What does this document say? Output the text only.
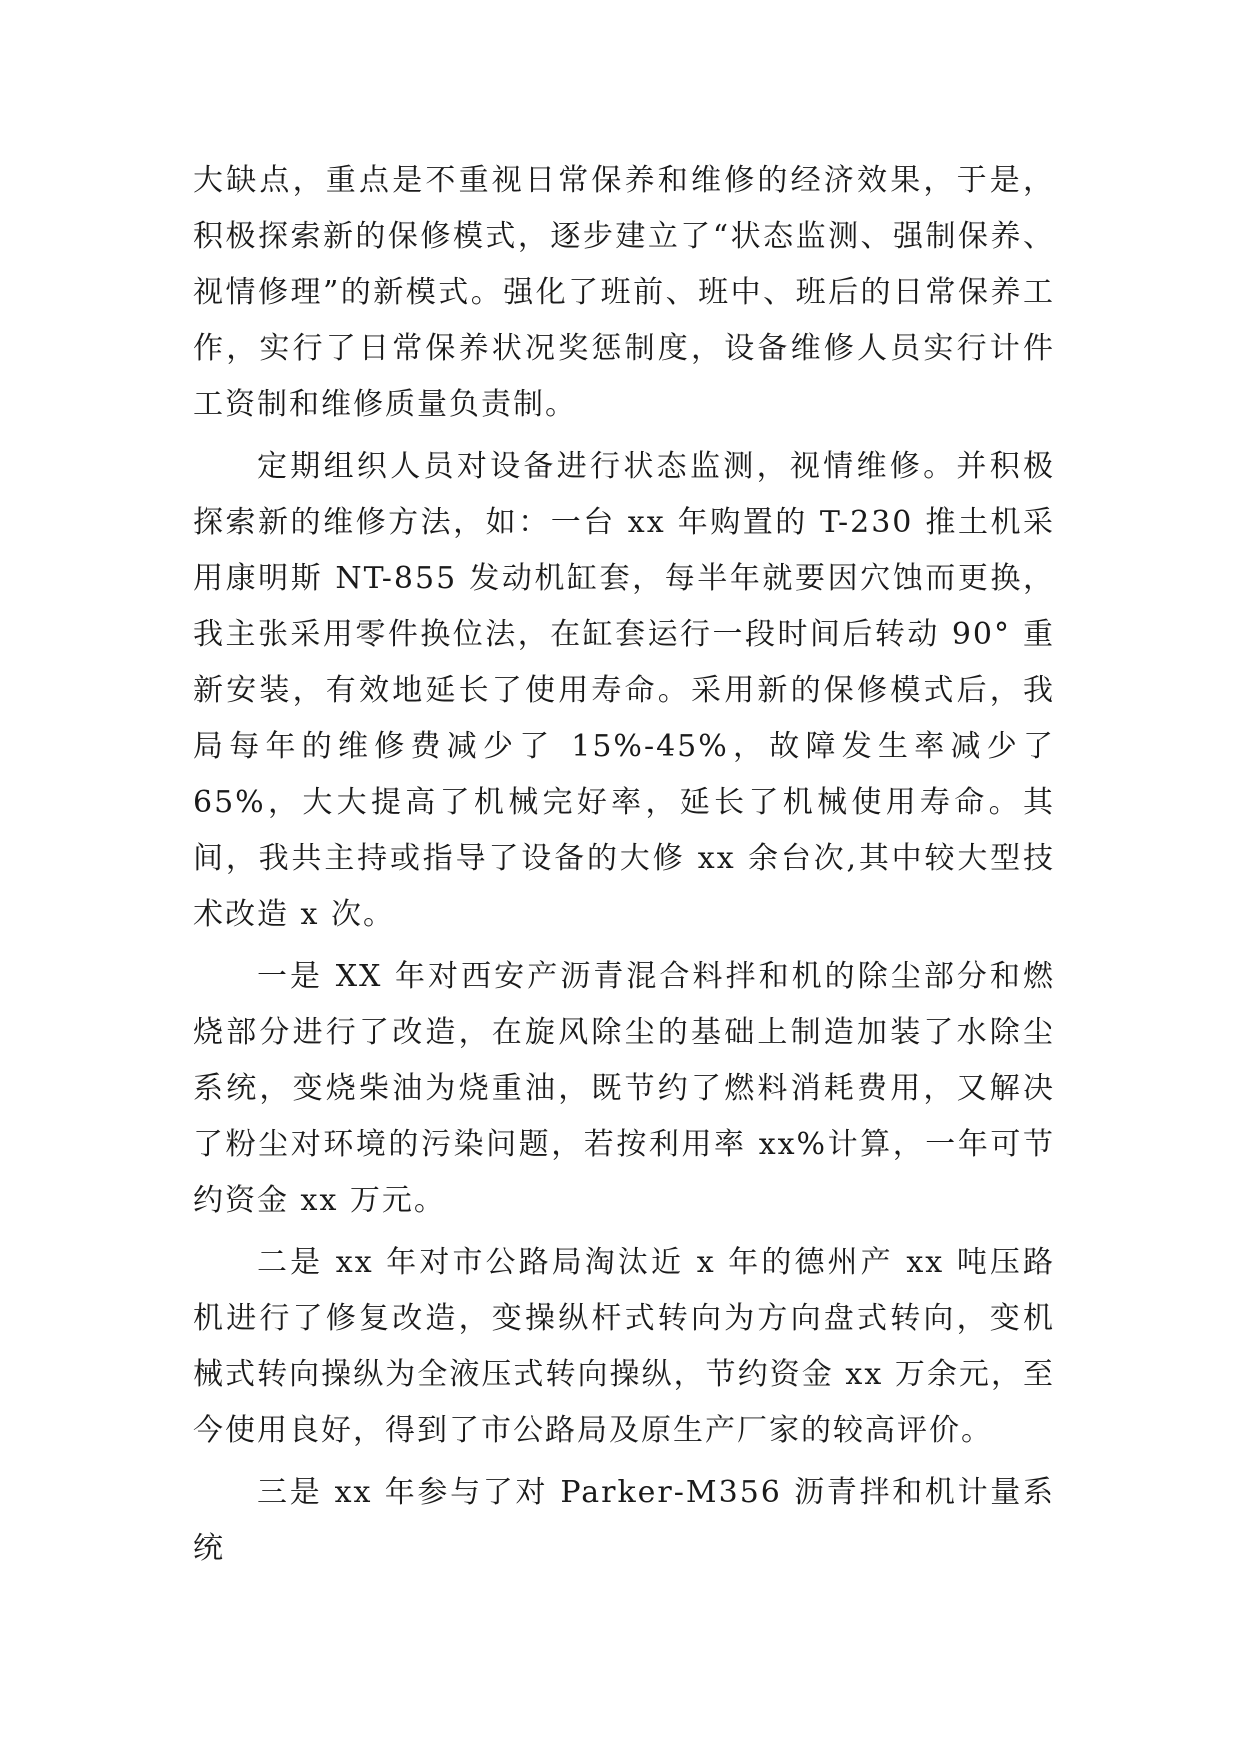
大缺点，重点是不重视日常保养和维修的经济效果，于是，积极探索新的保修模式，逐步建立了“状态监测、强制保养、视情修理”的新模式。强化了班前、班中、班后的日常保养工作，实行了日常保养状况奖惩制度，设备维修人员实行计件工资制和维修质量负责制。

定期组织人员对设备进行状态监测，视情维修。并积极探索新的维修方法，如：一台 xx 年购置的 T-230 推土机采用康明斯 NT-855 发动机缸套，每半年就要因穴蚀而更换，我主张采用零件换位法，在缸套运行一段时间后转动 90° 重新安装，有效地延长了使用寿命。采用新的保修模式后，我局每年的维修费减少了 15%-45%，故障发生率减少了 65%，大大提高了机械完好率，延长了机械使用寿命。其间，我共主持或指导了设备的大修 xx 余台次,其中较大型技术改造 x 次。

一是 XX 年对西安产沥青混合料拌和机的除尘部分和燃烧部分进行了改造，在旋风除尘的基础上制造加装了水除尘系统，变烧柴油为烧重油，既节约了燃料消耗费用，又解决了粉尘对环境的污染问题，若按利用率 xx%计算，一年可节约资金 xx 万元。

二是 xx 年对市公路局淘汰近 x 年的德州产 xx 吨压路机进行了修复改造，变操纵杆式转向为方向盘式转向，变机械式转向操纵为全液压式转向操纵，节约资金 xx 万余元，至今使用良好，得到了市公路局及原生产厂家的较高评价。

三是 xx 年参与了对 Parker-M356 沥青拌和机计量系统
